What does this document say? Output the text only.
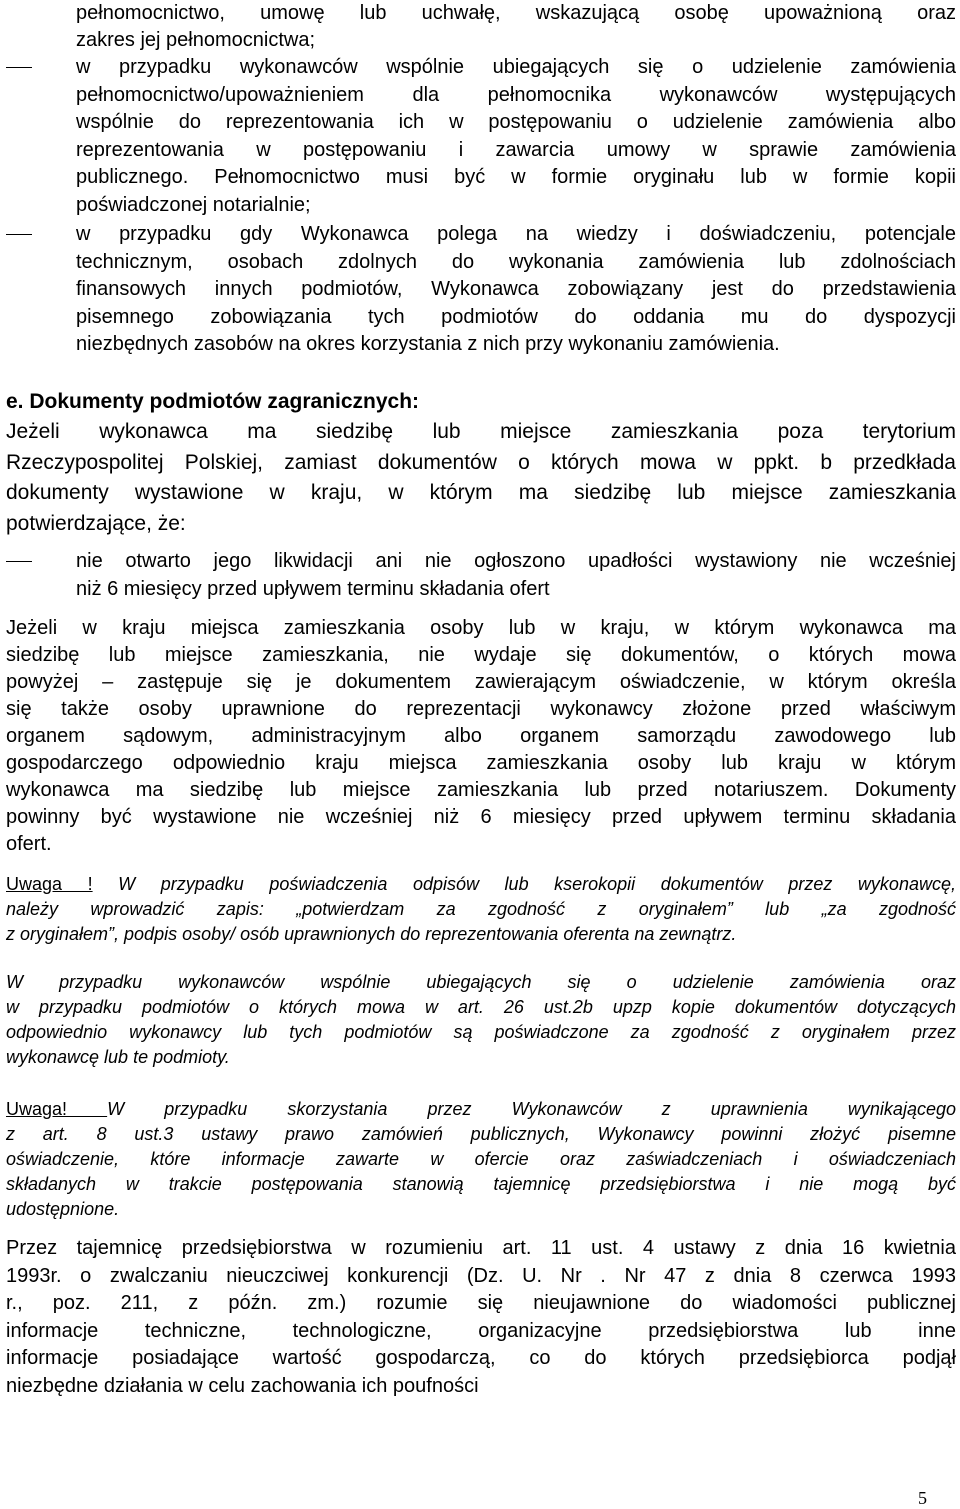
pełnomocnictwo, umowę lub uchwałę, wskazującą osobę upoważnioną oraz
zakres jej pełnomocnictwa;
w przypadku wykonawców wspólnie ubiegających się o udzielenie zamówienia
pełnomocnictwo/upoważnieniem dla pełnomocnika wykonawców występujących
wspólnie do reprezentowania ich w postępowaniu o udzielenie zamówienia albo
reprezentowania w postępowaniu i zawarcia umowy w sprawie zamówienia
publicznego. Pełnomocnictwo musi być w formie oryginału lub w formie kopii
poświadczonej notarialnie;
w przypadku gdy Wykonawca polega na wiedzy i doświadczeniu, potencjale
technicznym, osobach zdolnych do wykonania zamówienia lub zdolnościach
finansowych innych podmiotów, Wykonawca zobowiązany jest do przedstawienia
pisemnego zobowiązania tych podmiotów do oddania mu do dyspozycji
niezbędnych zasobów na okres korzystania z nich przy wykonaniu zamówienia.
e. Dokumenty podmiotów zagranicznych:
Jeżeli wykonawca ma siedzibę lub miejsce zamieszkania poza terytorium
Rzeczypospolitej Polskiej, zamiast dokumentów o których mowa w ppkt. b przedkłada
dokumenty wystawione w kraju, w którym ma siedzibę lub miejsce zamieszkania
potwierdzające, że:
nie otwarto jego likwidacji ani nie ogłoszono upadłości wystawiony nie wcześniej
niż 6 miesięcy przed upływem terminu składania ofert
Jeżeli w kraju miejsca zamieszkania osoby lub w kraju, w którym wykonawca ma
siedzibę lub miejsce zamieszkania, nie wydaje się dokumentów, o których mowa
powyżej – zastępuje się je dokumentem zawierającym oświadczenie, w którym określa
się także osoby uprawnione do reprezentacji wykonawcy złożone przed właściwym
organem sądowym, administracyjnym albo organem samorządu zawodowego lub
gospodarczego odpowiednio kraju miejsca zamieszkania osoby lub kraju w którym
wykonawca ma siedzibę lub miejsce zamieszkania lub przed notariuszem. Dokumenty
powinny być wystawione nie wcześniej niż 6 miesięcy przed upływem terminu składania
ofert.
Uwaga ! W przypadku poświadczenia odpisów lub kserokopii dokumentów przez wykonawcę,
należy wprowadzić zapis: „potwierdzam za zgodność z oryginałem” lub „za zgodność
z oryginałem”, podpis osoby/ osób uprawnionych do reprezentowania oferenta na zewnątrz.
W przypadku wykonawców wspólnie ubiegających się o udzielenie zamówienia oraz
w przypadku podmiotów o których mowa w art. 26 ust.2b upzp kopie dokumentów dotyczących
odpowiednio wykonawcy lub tych podmiotów są poświadczone za zgodność z oryginałem przez
wykonawcę lub te podmioty.
Uwaga! W przypadku skorzystania przez Wykonawców z uprawnienia wynikającego
z art. 8 ust.3 ustawy prawo zamówień publicznych, Wykonawcy powinni złożyć pisemne
oświadczenie, które informacje zawarte w ofercie oraz zaświadczeniach i oświadczeniach
składanych w trakcie postępowania stanowią tajemnicę przedsiębiorstwa i nie mogą być
udostępnione.
Przez tajemnicę przedsiębiorstwa w rozumieniu art. 11 ust. 4 ustawy z dnia 16 kwietnia
1993r. o zwalczaniu nieuczciwej konkurencji (Dz. U. Nr . Nr 47 z dnia 8 czerwca 1993
r., poz. 211, z późn. zm.) rozumie się nieujawnione do wiadomości publicznej
informacje techniczne, technologiczne, organizacyjne przedsiębiorstwa lub inne
informacje posiadające wartość gospodarczą, co do których przedsiębiorca podjął
niezbędne działania w celu zachowania ich poufności
5
